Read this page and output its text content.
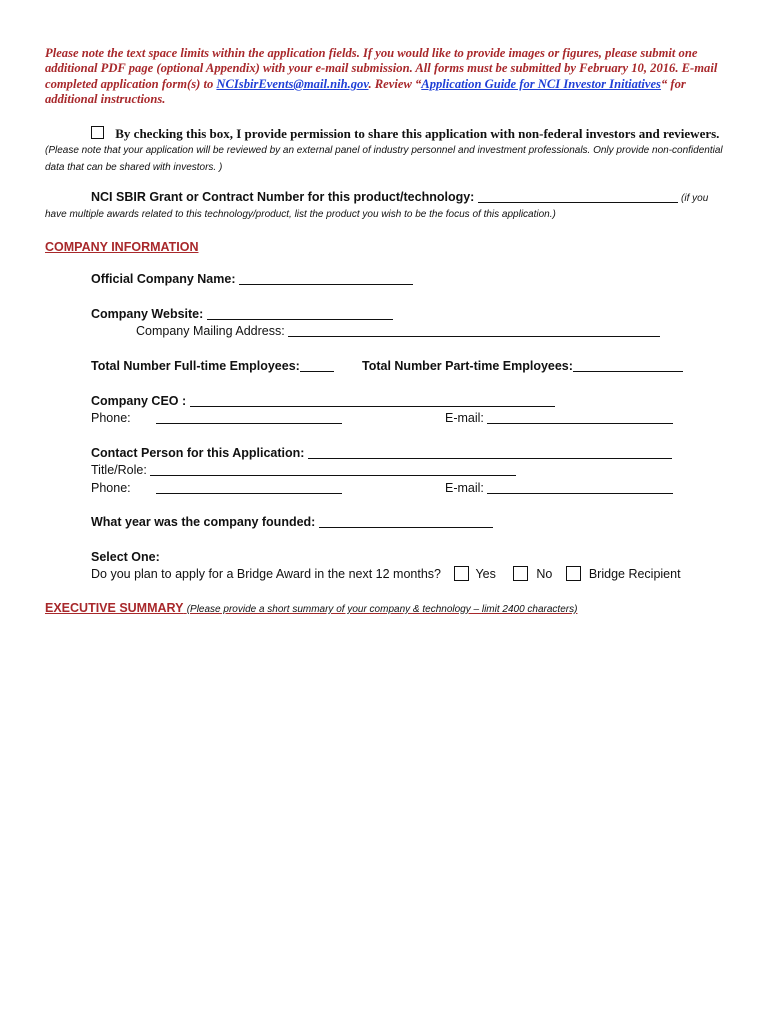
Please note the text space limits within the application fields. If you would like to provide images or figures, please submit one additional PDF page (optional Appendix) with your e-mail submission. All forms must be submitted by February 10, 2016. E-mail completed application form(s) to NCIsbirEvents@mail.nih.gov. Review “Application Guide for NCI Investor Initiatives“ for additional instructions.
By checking this box, I provide permission to share this application with non-federal investors and reviewers. (Please note that your application will be reviewed by an external panel of industry personnel and investment professionals. Only provide non-confidential data that can be shared with investors. )
NCI SBIR Grant or Contract Number for this product/technology:	(if you
have multiple awards related to this technology/product, list the product you wish to be the focus of this application.)
COMPANY INFORMATION
Official Company Name:
Company Website:
Company Mailing Address:
Total Number Full-time Employees:	Total Number Part-time Employees:
Company CEO :
Phone:	E-mail:
Contact Person for this Application:
Title/Role:
Phone:	E-mail:
What year was the company founded:
Select One:
Do you plan to apply for a Bridge Award in the next 12 months?	Yes	No	Bridge Recipient
EXECUTIVE SUMMARY (Please provide a short summary of your company & technology – limit 2400 characters)
